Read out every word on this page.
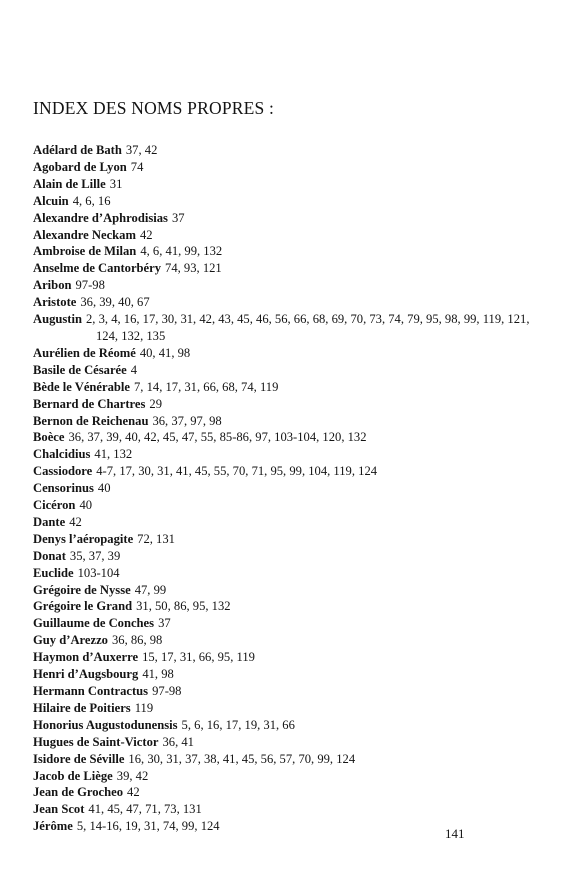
INDEX DES NOMS PROPRES :
Adélard de Bath 37, 42
Agobard de Lyon 74
Alain de Lille 31
Alcuin 4, 6, 16
Alexandre d’Aphrodisias 37
Alexandre Neckam 42
Ambroise de Milan 4, 6, 41, 99, 132
Anselme de Cantorbéry 74, 93, 121
Aribon 97-98
Aristote 36, 39, 40, 67
Augustin 2, 3, 4, 16, 17, 30, 31, 42, 43, 45, 46, 56, 66, 68, 69, 70, 73, 74, 79, 95, 98, 99, 119, 121, 124, 132, 135
Aurélien de Réomé 40, 41, 98
Basile de Césarée 4
Bède le Vénérable 7, 14, 17, 31, 66, 68, 74, 119
Bernard de Chartres 29
Bernon de Reichenau 36, 37, 97, 98
Boèce 36, 37, 39, 40, 42, 45, 47, 55, 85-86, 97, 103-104, 120, 132
Chalcidius 41, 132
Cassiodore 4-7, 17, 30, 31, 41, 45, 55, 70, 71, 95, 99, 104, 119, 124
Censorinus 40
Cicéron 40
Dante 42
Denys l’aéropagite 72, 131
Donat 35, 37, 39
Euclide 103-104
Grégoire de Nysse 47, 99
Grégoire le Grand 31, 50, 86, 95, 132
Guillaume de Conches 37
Guy d’Arezzo 36, 86, 98
Haymon d’Auxerre 15, 17, 31, 66, 95, 119
Henri d’Augsbourg 41, 98
Hermann Contractus 97-98
Hilaire de Poitiers 119
Honorius Augustodunensis 5, 6, 16, 17, 19, 31, 66
Hugues de Saint-Victor 36, 41
Isidore de Séville 16, 30, 31, 37, 38, 41, 45, 56, 57, 70, 99, 124
Jacob de Liège 39, 42
Jean de Grocheo 42
Jean Scot 41, 45, 47, 71, 73, 131
Jérôme 5, 14-16, 19, 31, 74, 99, 124	141
